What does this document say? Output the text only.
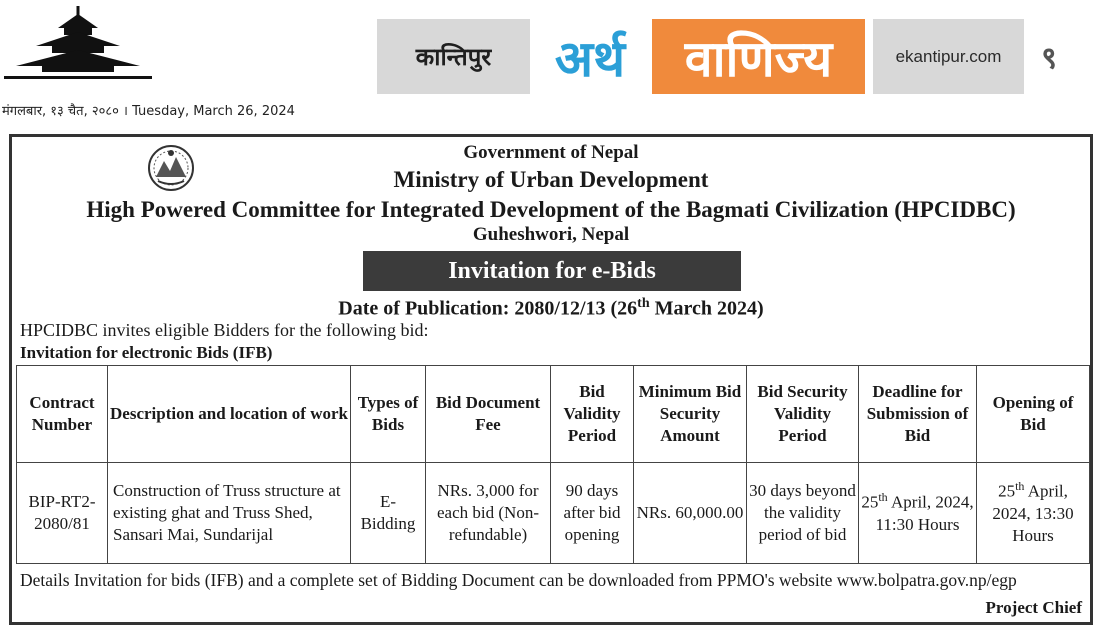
कान्तिपुर	अर्थ	वाणिज्य	ekantipur.com	९
मंगलबार, १३ चैत, २०८० । Tuesday, March 26, 2024
Government of Nepal
Ministry of Urban Development
High Powered Committee for Integrated Development of the Bagmati Civilization (HPCIDBC)
Guheshwori, Nepal
Invitation for e-Bids
Date of Publication: 2080/12/13 (26th March 2024)
HPCIDBC invites eligible Bidders for the following bid:
Invitation for electronic Bids (IFB)
Contract Number	Description and location of work	Types of Bids	Bid Document Fee	Bid Validity Period	Minimum Bid Security Amount	Bid Security Validity Period	Deadline for Submission of Bid	Opening of Bid
BIP-RT2-2080/81	Construction of Truss structure at existing ghat and Truss Shed, Sansari Mai, Sundarijal	E-Bidding	NRs. 3,000 for each bid (Non-refundable)	90 days after bid opening	NRs. 60,000.00	30 days beyond the validity period of bid	25th April, 2024, 11:30 Hours	25th April, 2024, 13:30 Hours
Details Invitation for bids (IFB) and a complete set of Bidding Document can be downloaded from PPMO's website www.bolpatra.gov.np/egp
Project Chief
